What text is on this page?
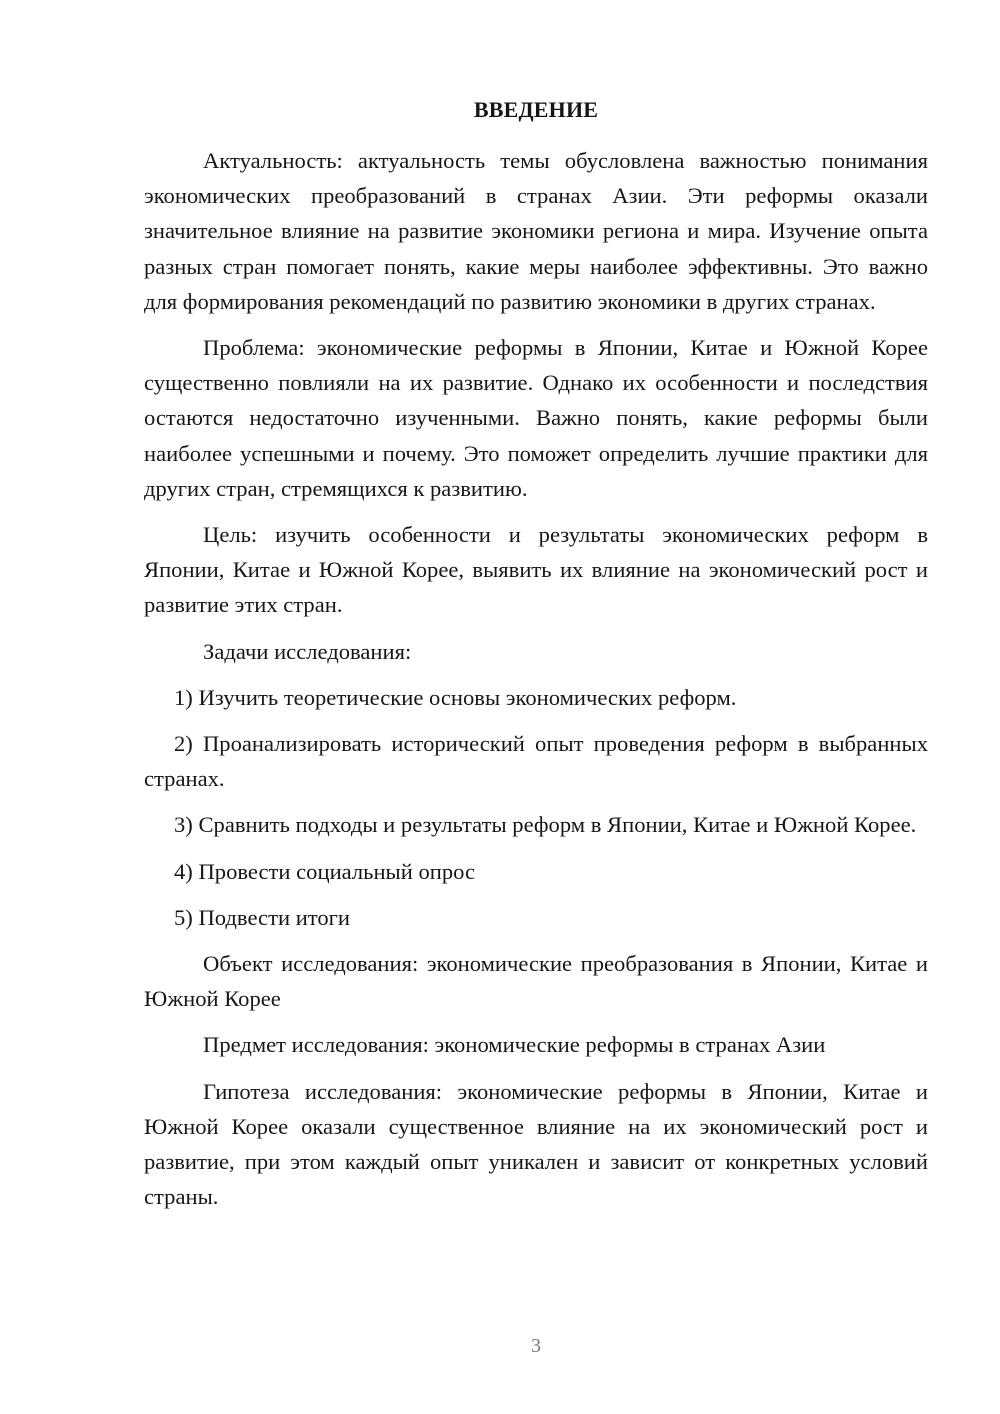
ВВЕДЕНИЕ

Актуальность: актуальность темы обусловлена важностью понимания экономических преобразований в странах Азии. Эти реформы оказали значительное влияние на развитие экономики региона и мира. Изучение опыта разных стран помогает понять, какие меры наиболее эффективны. Это важно для формирования рекомендаций по развитию экономики в других странах.

Проблема: экономические реформы в Японии, Китае и Южной Корее существенно повлияли на их развитие. Однако их особенности и последствия остаются недостаточно изученными. Важно понять, какие реформы были наиболее успешными и почему. Это поможет определить лучшие практики для других стран, стремящихся к развитию.

Цель: изучить особенности и результаты экономических реформ в Японии, Китае и Южной Корее, выявить их влияние на экономический рост и развитие этих стран.

Задачи исследования:

1) Изучить теоретические основы экономических реформ.

2) Проанализировать исторический опыт проведения реформ в выбранных странах.

3) Сравнить подходы и результаты реформ в Японии, Китае и Южной Корее.

4) Провести социальный опрос

5) Подвести итоги

Объект исследования: экономические преобразования в Японии, Китае и Южной Корее

Предмет исследования: экономические реформы в странах Азии

Гипотеза исследования: экономические реформы в Японии, Китае и Южной Корее оказали существенное влияние на их экономический рост и развитие, при этом каждый опыт уникален и зависит от конкретных условий страны.

3
